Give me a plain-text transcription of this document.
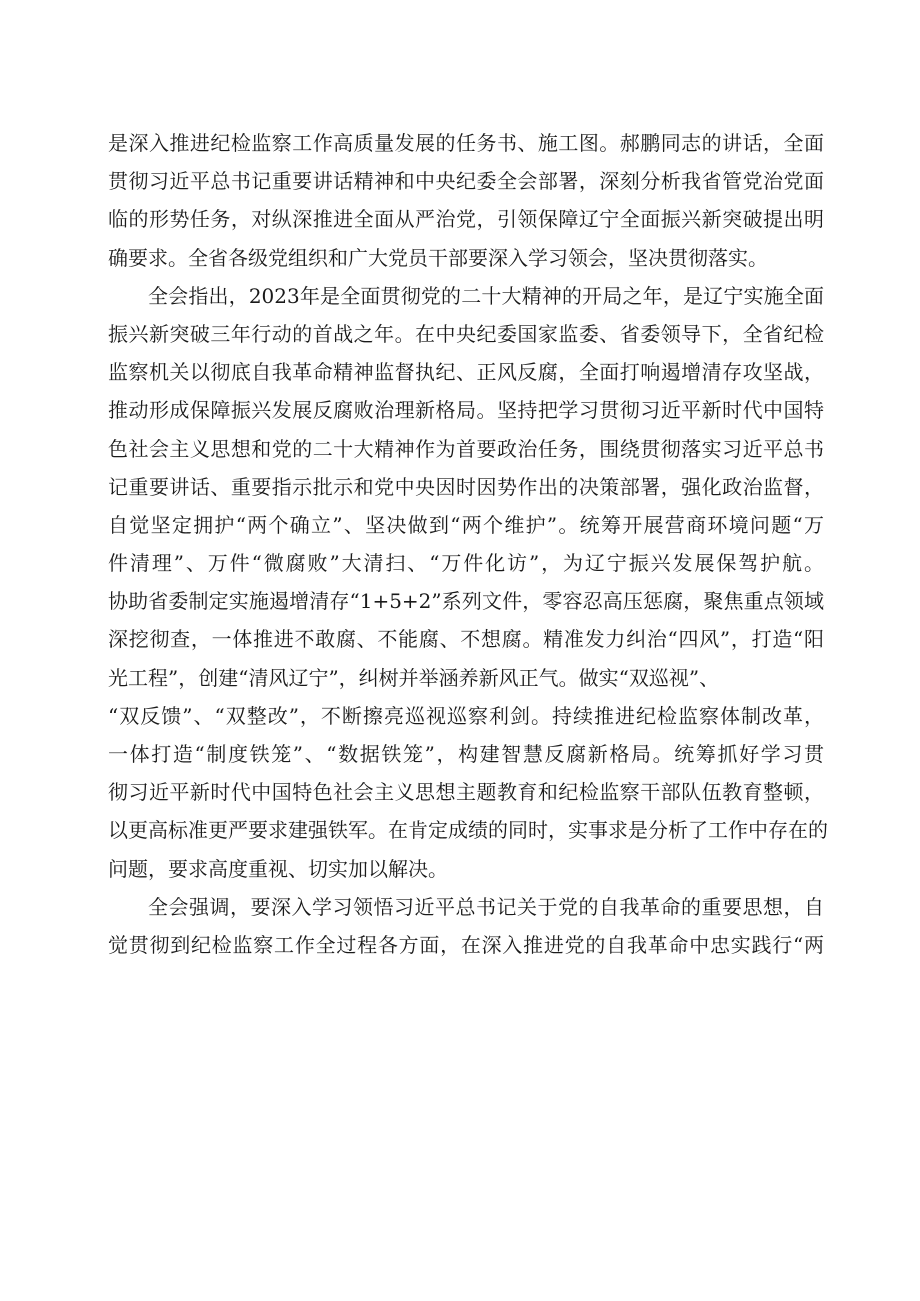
是深入推进纪检监察工作高质量发展的任务书、施工图。郝鹏同志的讲话，全面
贯彻习近平总书记重要讲话精神和中央纪委全会部署，深刻分析我省管党治党面
临的形势任务，对纵深推进全面从严治党，引领保障辽宁全面振兴新突破提出明
确要求。全省各级党组织和广大党员干部要深入学习领会，坚决贯彻落实。
全会指出，2023年是全面贯彻党的二十大精神的开局之年，是辽宁实施全面
振兴新突破三年行动的首战之年。在中央纪委国家监委、省委领导下，全省纪检
监察机关以彻底自我革命精神监督执纪、正风反腐，全面打响遏增清存攻坚战，
推动形成保障振兴发展反腐败治理新格局。坚持把学习贯彻习近平新时代中国特
色社会主义思想和党的二十大精神作为首要政治任务，围绕贯彻落实习近平总书
记重要讲话、重要指示批示和党中央因时因势作出的决策部署，强化政治监督，
自觉坚定拥护“两个确立”、坚决做到“两个维护”。统筹开展营商环境问题“万
件清理”、万件“微腐败”大清扫、“万件化访”，为辽宁振兴发展保驾护航。
协助省委制定实施遏增清存“1+5+2”系列文件，零容忍高压惩腐，聚焦重点领域
深挖彻查，一体推进不敢腐、不能腐、不想腐。精准发力纠治“四风”，打造“阳
光工程”，创建“清风辽宁”，纠树并举涵养新风正气。做实“双巡视”、
“双反馈”、“双整改”，不断擦亮巡视巡察利剑。持续推进纪检监察体制改革，
一体打造“制度铁笼”、“数据铁笼”，构建智慧反腐新格局。统筹抓好学习贯
彻习近平新时代中国特色社会主义思想主题教育和纪检监察干部队伍教育整顿，
以更高标准更严要求建强铁军。在肯定成绩的同时，实事求是分析了工作中存在的
问题，要求高度重视、切实加以解决。
全会强调，要深入学习领悟习近平总书记关于党的自我革命的重要思想，自
觉贯彻到纪检监察工作全过程各方面，在深入推进党的自我革命中忠实践行“两
